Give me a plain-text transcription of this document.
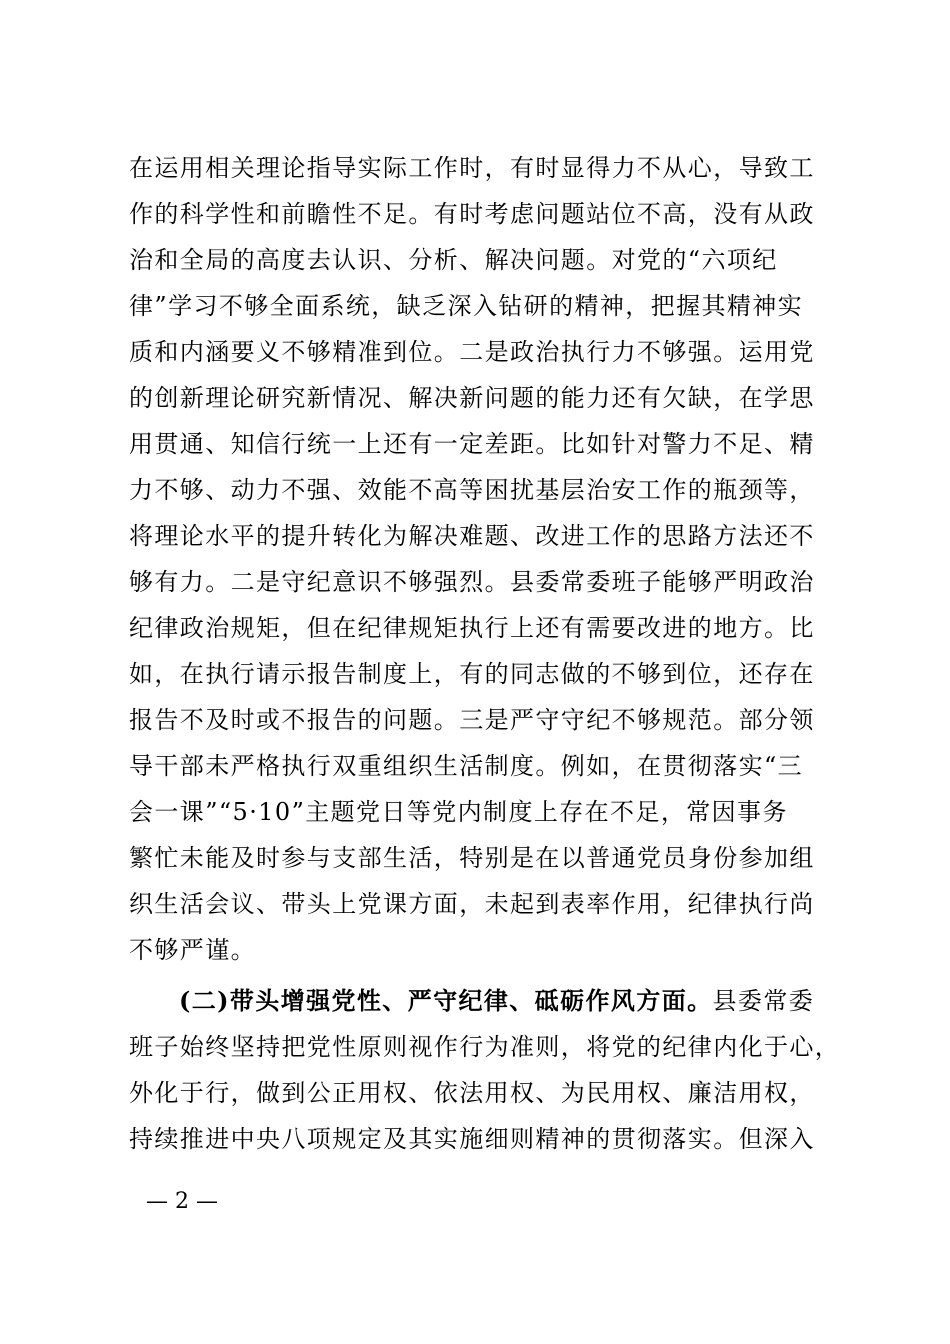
在运用相关理论指导实际工作时，有时显得力不从心，导致工
作的科学性和前瞻性不足。有时考虑问题站位不高，没有从政
治和全局的高度去认识、分析、解决问题。对党的“六项纪
律”学习不够全面系统，缺乏深入钻研的精神，把握其精神实
质和内涵要义不够精准到位。二是政治执行力不够强。运用党
的创新理论研究新情况、解决新问题的能力还有欠缺，在学思
用贯通、知信行统一上还有一定差距。比如针对警力不足、精
力不够、动力不强、效能不高等困扰基层治安工作的瓶颈等，
将理论水平的提升转化为解决难题、改进工作的思路方法还不
够有力。二是守纪意识不够强烈。县委常委班子能够严明政治
纪律政治规矩，但在纪律规矩执行上还有需要改进的地方。比
如，在执行请示报告制度上，有的同志做的不够到位，还存在
报告不及时或不报告的问题。三是严守守纪不够规范。部分领
导干部未严格执行双重组织生活制度。例如，在贯彻落实“三
会一课”“5·10”主题党日等党内制度上存在不足，常因事务
繁忙未能及时参与支部生活，特别是在以普通党员身份参加组
织生活会议、带头上党课方面，未起到表率作用，纪律执行尚
不够严谨。
(二)带头增强党性、严守纪律、砥砺作风方面。县委常委
班子始终坚持把党性原则视作行为准则，将党的纪律内化于心，
外化于行，做到公正用权、依法用权、为民用权、廉洁用权，
持续推进中央八项规定及其实施细则精神的贯彻落实。但深入
— 2 —
